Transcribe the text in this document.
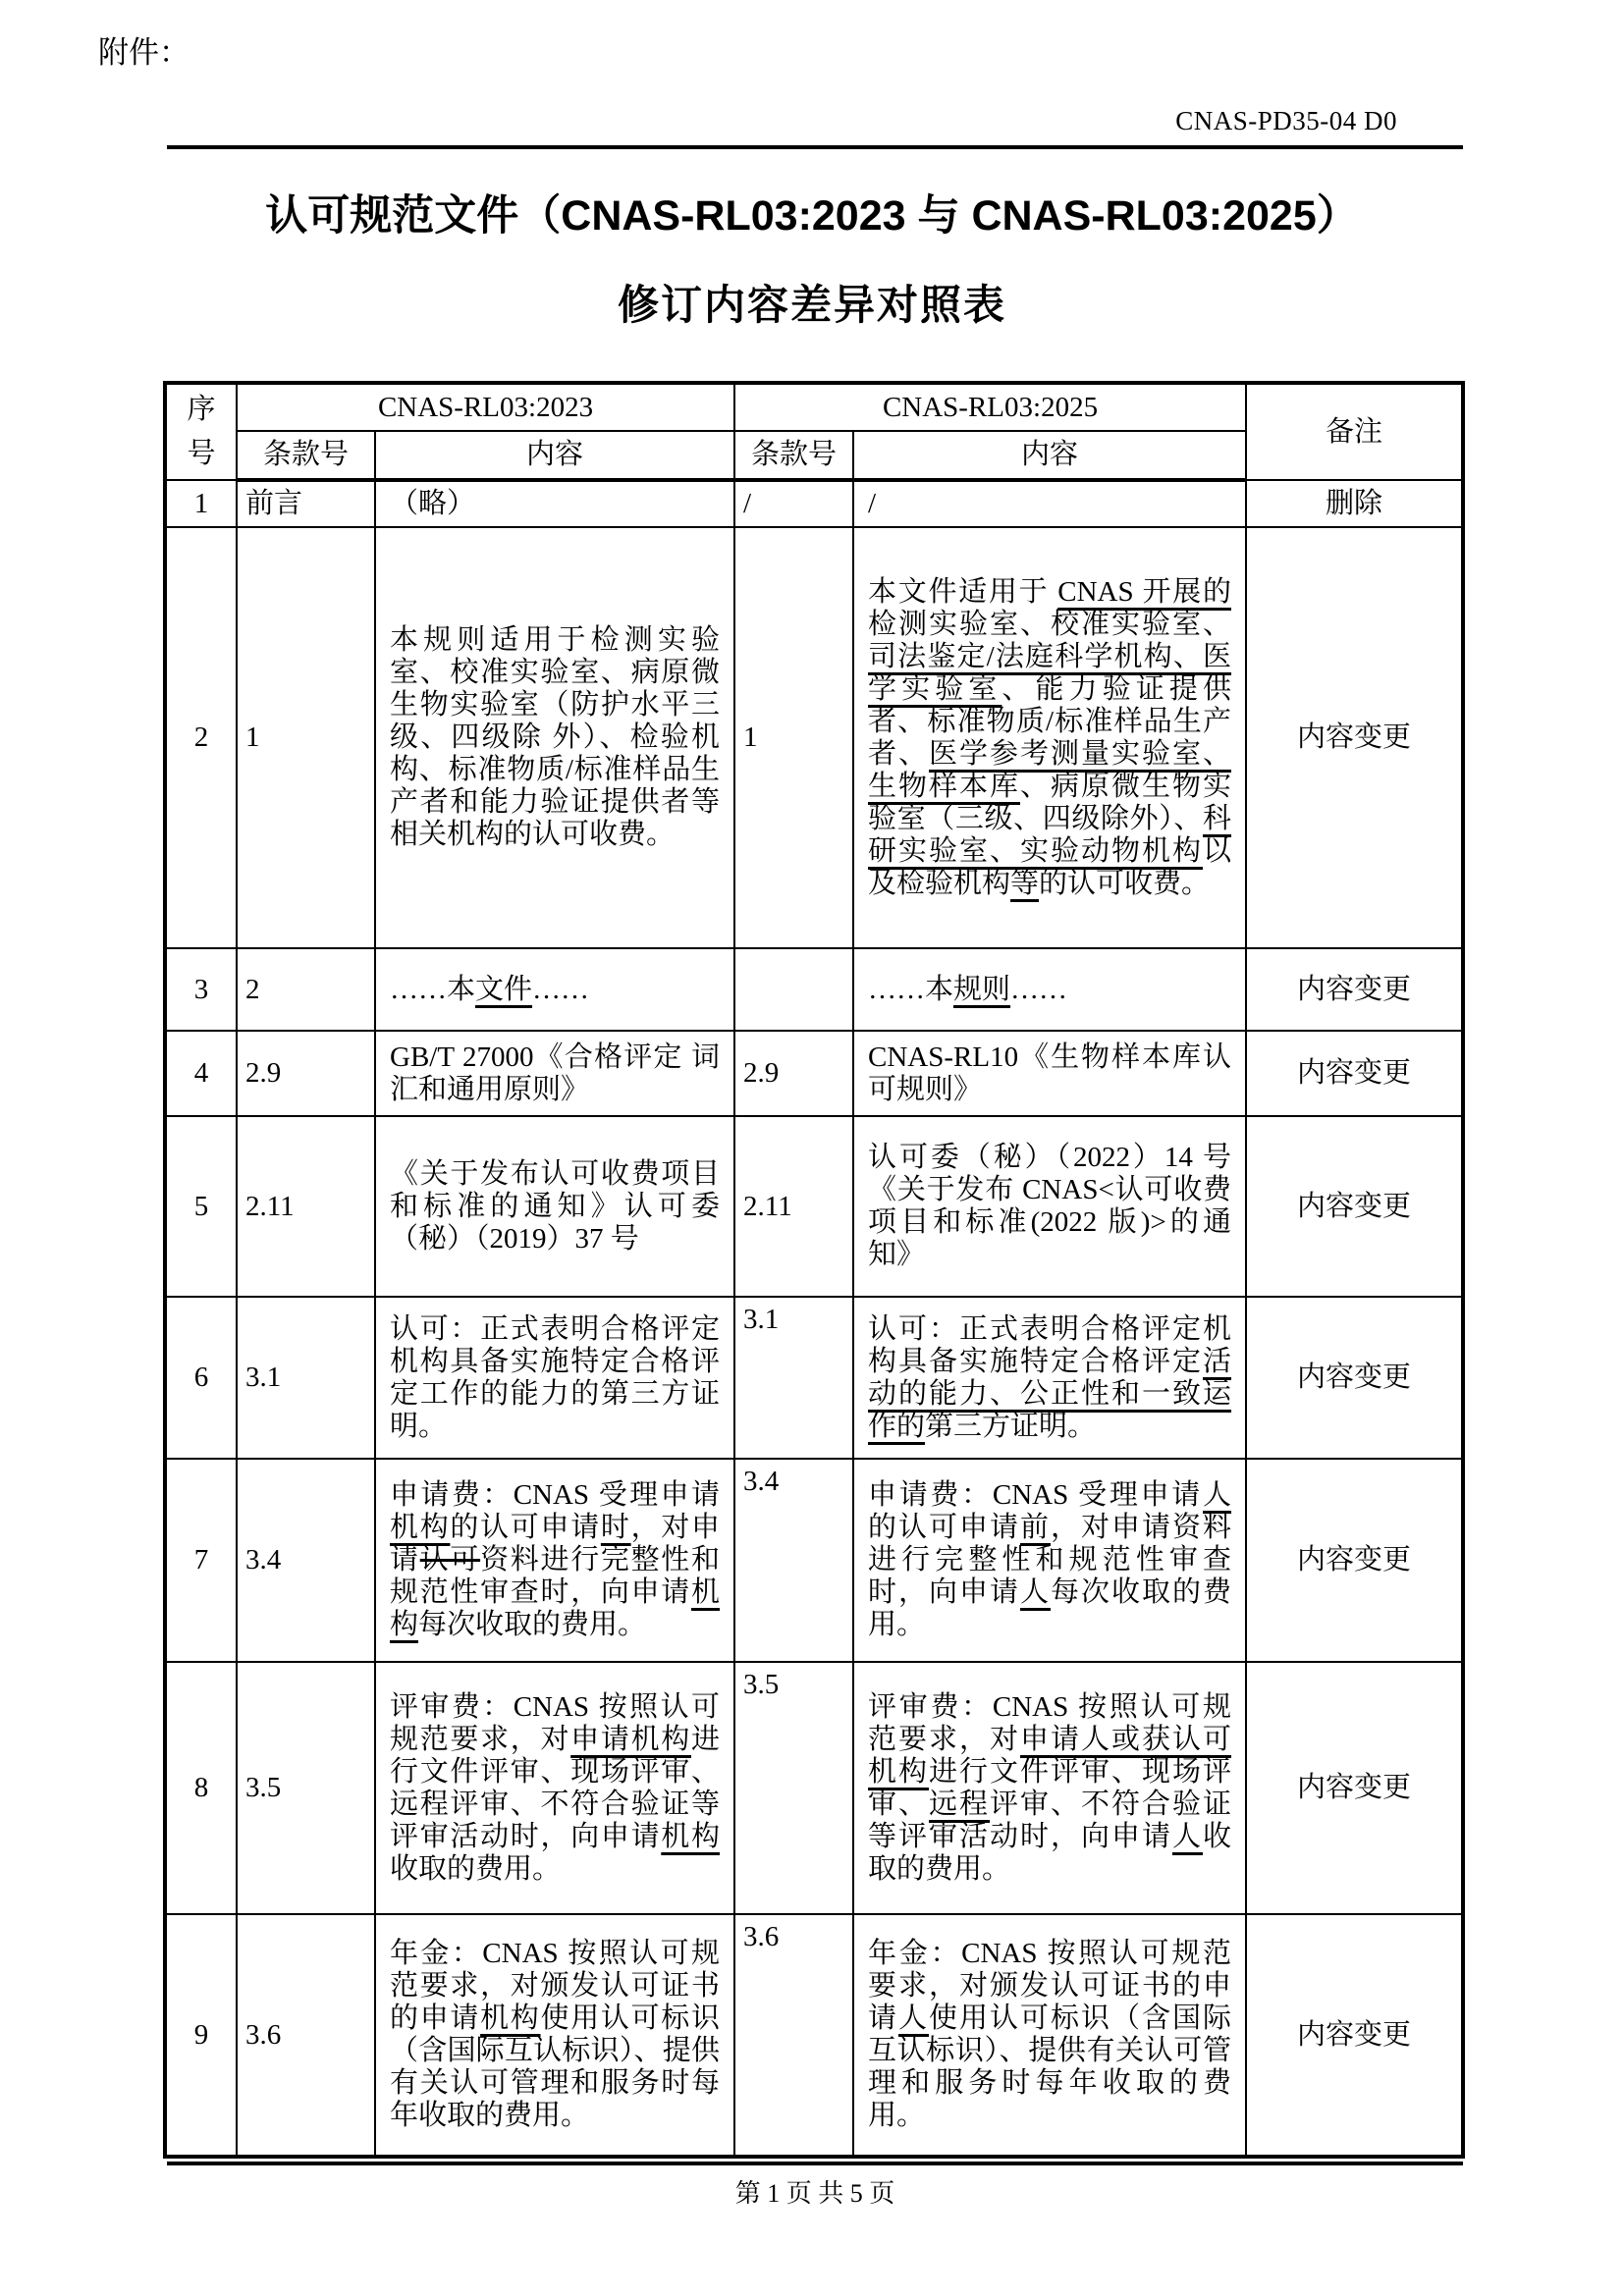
附件：
CNAS-PD35-04 D0
认可规范文件（CNAS-RL03:2023 与 CNAS-RL03:2025）
修订内容差异对照表
序号	CNAS-RL03:2023		CNAS-RL03:2025		备注
	条款号	内容	条款号	内容	
1	前言	（略）	/	/	删除
2	1	本规则适用于检测实验室、校准实验室、病原微生物实验室（防护水平三级、四级除 外）、检验机构、标准物质/标准样品生产者和能力验证提供者等相关机构的认可收费。	1	本文件适用于 CNAS 开展的检测实验室、校准实验室、司法鉴定/法庭科学机构、医学实验室、能力验证提供者、标准物质/标准样品生产者、医学参考测量实验室、生物样本库、病原微生物实验室（三级、四级除外）、科研实验室、实验动物机构以及检验机构等的认可收费。	内容变更
3	2	……本文件……		……本规则……	内容变更
4	2.9	GB/T 27000《合格评定 词汇和通用原则》	2.9	CNAS-RL10《生物样本库认可规则》	内容变更
5	2.11	《关于发布认可收费项目和标准的通知》认可委（秘）（2019）37 号	2.11	认可委（秘）（2022）14 号《关于发布 CNAS<认可收费项目和标准(2022 版)>的通知》	内容变更
6	3.1	认可：正式表明合格评定机构具备实施特定合格评定工作的能力的第三方证明。	3.1	认可：正式表明合格评定机构具备实施特定合格评定活动的能力、公正性和一致运作的第三方证明。	内容变更
7	3.4	申请费：CNAS 受理申请机构的认可申请时，对申请认可资料进行完整性和规范性审查时，向申请机构每次收取的费用。	3.4	申请费：CNAS 受理申请人的认可申请前，对申请资料进行完整性和规范性审查时，向申请人每次收取的费用。	内容变更
8	3.5	评审费：CNAS 按照认可规范要求，对申请机构进行文件评审、现场评审、远程评审、不符合验证等评审活动时，向申请机构收取的费用。	3.5	评审费：CNAS 按照认可规范要求，对申请人或获认可机构进行文件评审、现场评审、远程评审、不符合验证等评审活动时，向申请人收取的费用。	内容变更
9	3.6	年金：CNAS 按照认可规范要求，对颁发认可证书的申请机构使用认可标识（含国际互认标识）、提供有关认可管理和服务时每年收取的费用。	3.6	年金：CNAS 按照认可规范要求，对颁发认可证书的申请人使用认可标识（含国际互认标识）、提供有关认可管理和服务时每年收取的费用。	内容变更
第 1 页 共 5 页
